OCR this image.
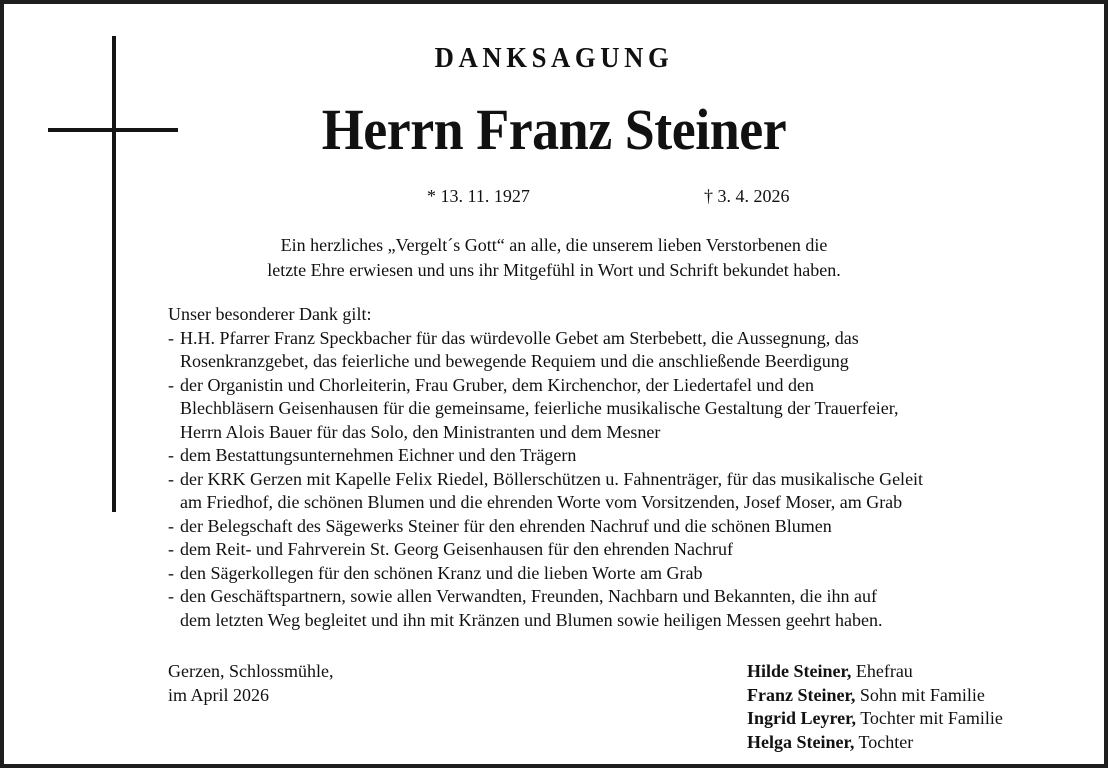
DANKSAGUNG
Herrn Franz Steiner
* 13. 11. 1927	† 3. 4. 2026
Ein herzliches „Vergelt´s Gott“ an alle, die unserem lieben Verstorbenen die
letzte Ehre erwiesen und uns ihr Mitgefühl in Wort und Schrift bekundet haben.
Unser besonderer Dank gilt:
- H.H. Pfarrer Franz Speckbacher für das würdevolle Gebet am Sterbebett, die Aussegnung, das
Rosenkranzgebet, das feierliche und bewegende Requiem und die anschließende Beerdigung
- der Organistin und Chorleiterin, Frau Gruber, dem Kirchenchor, der Liedertafel und den
Blechbläsern Geisenhausen für die gemeinsame, feierliche musikalische Gestaltung der Trauerfeier,
Herrn Alois Bauer für das Solo, den Ministranten und dem Mesner
- dem Bestattungsunternehmen Eichner und den Trägern
- der KRK Gerzen mit Kapelle Felix Riedel, Böllerschützen u. Fahnenträger, für das musikalische Geleit
am Friedhof, die schönen Blumen und die ehrenden Worte vom Vorsitzenden, Josef Moser, am Grab
- der Belegschaft des Sägewerks Steiner für den ehrenden Nachruf und die schönen Blumen
- dem Reit- und Fahrverein St. Georg Geisenhausen für den ehrenden Nachruf
- den Sägerkollegen für den schönen Kranz und die lieben Worte am Grab
- den Geschäftspartnern, sowie allen Verwandten, Freunden, Nachbarn und Bekannten, die ihn auf
dem letzten Weg begleitet und ihn mit Kränzen und Blumen sowie heiligen Messen geehrt haben.
Gerzen, Schlossmühle,
im April 2026
Hilde Steiner, Ehefrau
Franz Steiner, Sohn mit Familie
Ingrid Leyrer, Tochter mit Familie
Helga Steiner, Tochter
